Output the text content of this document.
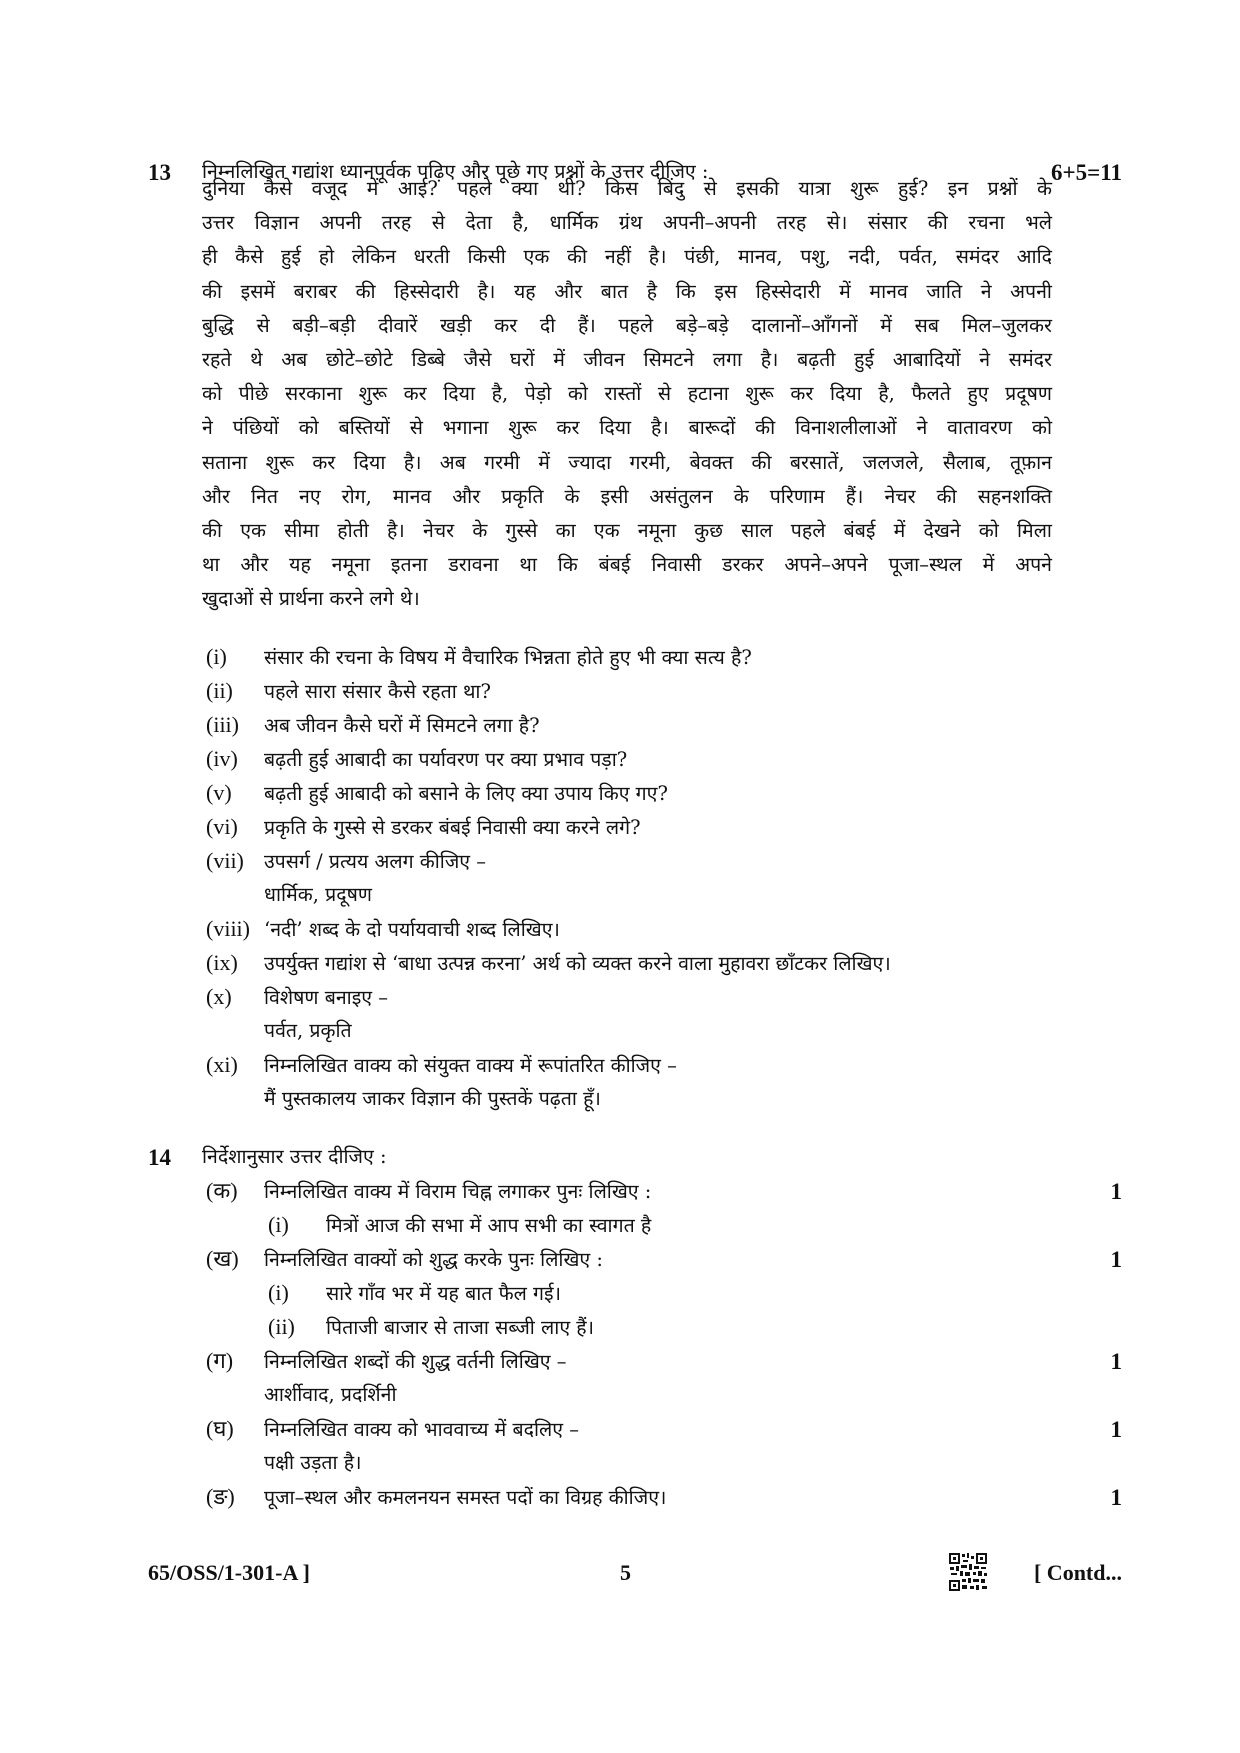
13	निम्नलिखित गद्यांश ध्यानपूर्वक पढ़िए और पूछे गए प्रश्नों के उत्तर दीजिए :	6+5=11
दुनिया कैसे वजूद में आई? पहले क्या थी? किस बिंदु से इसकी यात्रा शुरू हुई? इन प्रश्नों के
उत्तर विज्ञान अपनी तरह से देता है, धार्मिक ग्रंथ अपनी–अपनी तरह से। संसार की रचना भले
ही कैसे हुई हो लेकिन धरती किसी एक की नहीं है। पंछी, मानव, पशु, नदी, पर्वत, समंदर आदि
की इसमें बराबर की हिस्सेदारी है। यह और बात है कि इस हिस्सेदारी में मानव जाति ने अपनी
बुद्धि से बड़ी–बड़ी दीवारें खड़ी कर दी हैं। पहले बड़े–बड़े दालानों–आँगनों में सब मिल–जुलकर
रहते थे अब छोटे–छोटे डिब्बे जैसे घरों में जीवन सिमटने लगा है। बढ़ती हुई आबादियों ने समंदर
को पीछे सरकाना शुरू कर दिया है, पेड़ो को रास्तों से हटाना शुरू कर दिया है, फैलते हुए प्रदूषण
ने पंछियों को बस्तियों से भगाना शुरू कर दिया है। बारूदों की विनाशलीलाओं ने वातावरण को
सताना शुरू कर दिया है। अब गरमी में ज्यादा गरमी, बेवक्त की बरसातें, जलजले, सैलाब, तूफ़ान
और नित नए रोग, मानव और प्रकृति के इसी असंतुलन के परिणाम हैं। नेचर की सहनशक्ति
की एक सीमा होती है। नेचर के गुस्से का एक नमूना कुछ साल पहले बंबई में देखने को मिला
था और यह नमूना इतना डरावना था कि बंबई निवासी डरकर अपने–अपने पूजा–स्थल में अपने
खुदाओं से प्रार्थना करने लगे थे।
(i) संसार की रचना के विषय में वैचारिक भिन्नता होते हुए भी क्या सत्य है?
(ii) पहले सारा संसार कैसे रहता था?
(iii) अब जीवन कैसे घरों में सिमटने लगा है?
(iv) बढ़ती हुई आबादी का पर्यावरण पर क्या प्रभाव पड़ा?
(v) बढ़ती हुई आबादी को बसाने के लिए क्या उपाय किए गए?
(vi) प्रकृति के गुस्से से डरकर बंबई निवासी क्या करने लगे?
(vii) उपसर्ग / प्रत्यय अलग कीजिए –
धार्मिक, प्रदूषण
(viii) ‘नदी’ शब्द के दो पर्यायवाची शब्द लिखिए।
(ix) उपर्युक्त गद्यांश से ‘बाधा उत्पन्न करना’ अर्थ को व्यक्त करने वाला मुहावरा छाँटकर लिखिए।
(x) विशेषण बनाइए –
पर्वत, प्रकृति
(xi) निम्नलिखित वाक्य को संयुक्त वाक्य में रूपांतरित कीजिए –
मैं पुस्तकालय जाकर विज्ञान की पुस्तकें पढ़ता हूँ।
14	निर्देशानुसार उत्तर दीजिए :
(क) निम्नलिखित वाक्य में विराम चिह्न लगाकर पुनः लिखिए :	1
(i) मित्रों आज की सभा में आप सभी का स्वागत है
(ख) निम्नलिखित वाक्यों को शुद्ध करके पुनः लिखिए :	1
(i) सारे गाँव भर में यह बात फैल गई।
(ii) पिताजी बाजार से ताजा सब्जी लाए हैं।
(ग) निम्नलिखित शब्दों की शुद्ध वर्तनी लिखिए –	1
आर्शीवाद, प्रदर्शिनी
(घ) निम्नलिखित वाक्य को भाववाच्य में बदलिए –	1
पक्षी उड़ता है।
(ङ) पूजा–स्थल और कमलनयन समस्त पदों का विग्रह कीजिए।	1
65/OSS/1-301-A ]	5	[ Contd...
